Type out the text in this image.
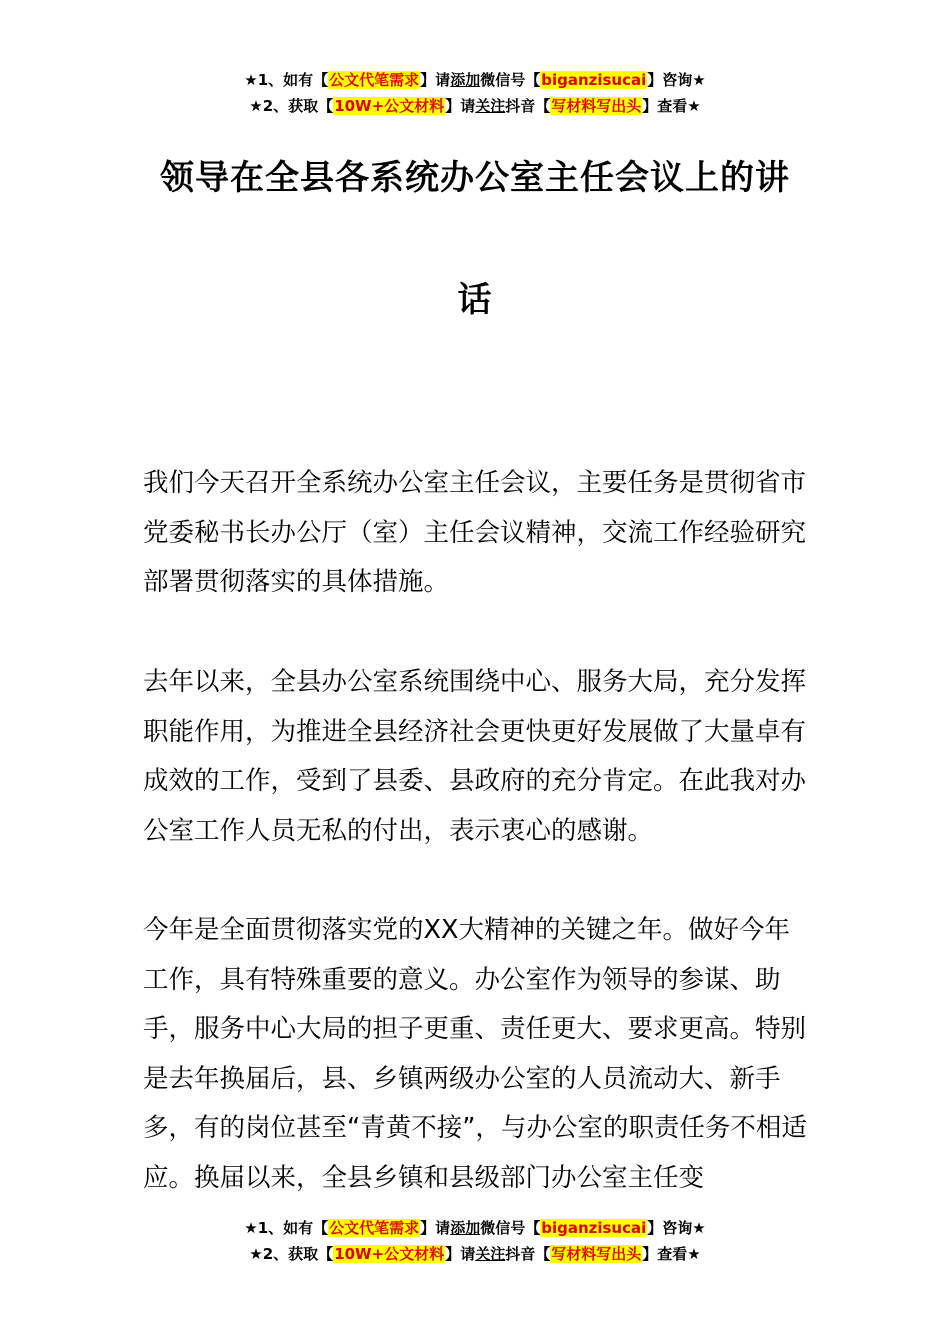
★1、如有【公文代笔需求】请添加微信号【biganzisucai】咨询★
★2、获取【10W+公文材料】请关注抖音【写材料写出头】查看★
领导在全县各系统办公室主任会议上的讲
话

我们今天召开全系统办公室主任会议，主要任务是贯彻省市党委秘书长办公厅（室）主任会议精神，交流工作经验研究部署贯彻落实的具体措施。

去年以来，全县办公室系统围绕中心、服务大局，充分发挥职能作用，为推进全县经济社会更快更好发展做了大量卓有成效的工作，受到了县委、县政府的充分肯定。在此我对办公室工作人员无私的付出，表示衷心的感谢。

今年是全面贯彻落实党的XX大精神的关键之年。做好今年工作，具有特殊重要的意义。办公室作为领导的参谋、助手，服务中心大局的担子更重、责任更大、要求更高。特别是去年换届后，县、乡镇两级办公室的人员流动大、新手多，有的岗位甚至“青黄不接”，与办公室的职责任务不相适应。换届以来，全县乡镇和县级部门办公室主任变

★1、如有【公文代笔需求】请添加微信号【biganzisucai】咨询★
★2、获取【10W+公文材料】请关注抖音【写材料写出头】查看★
